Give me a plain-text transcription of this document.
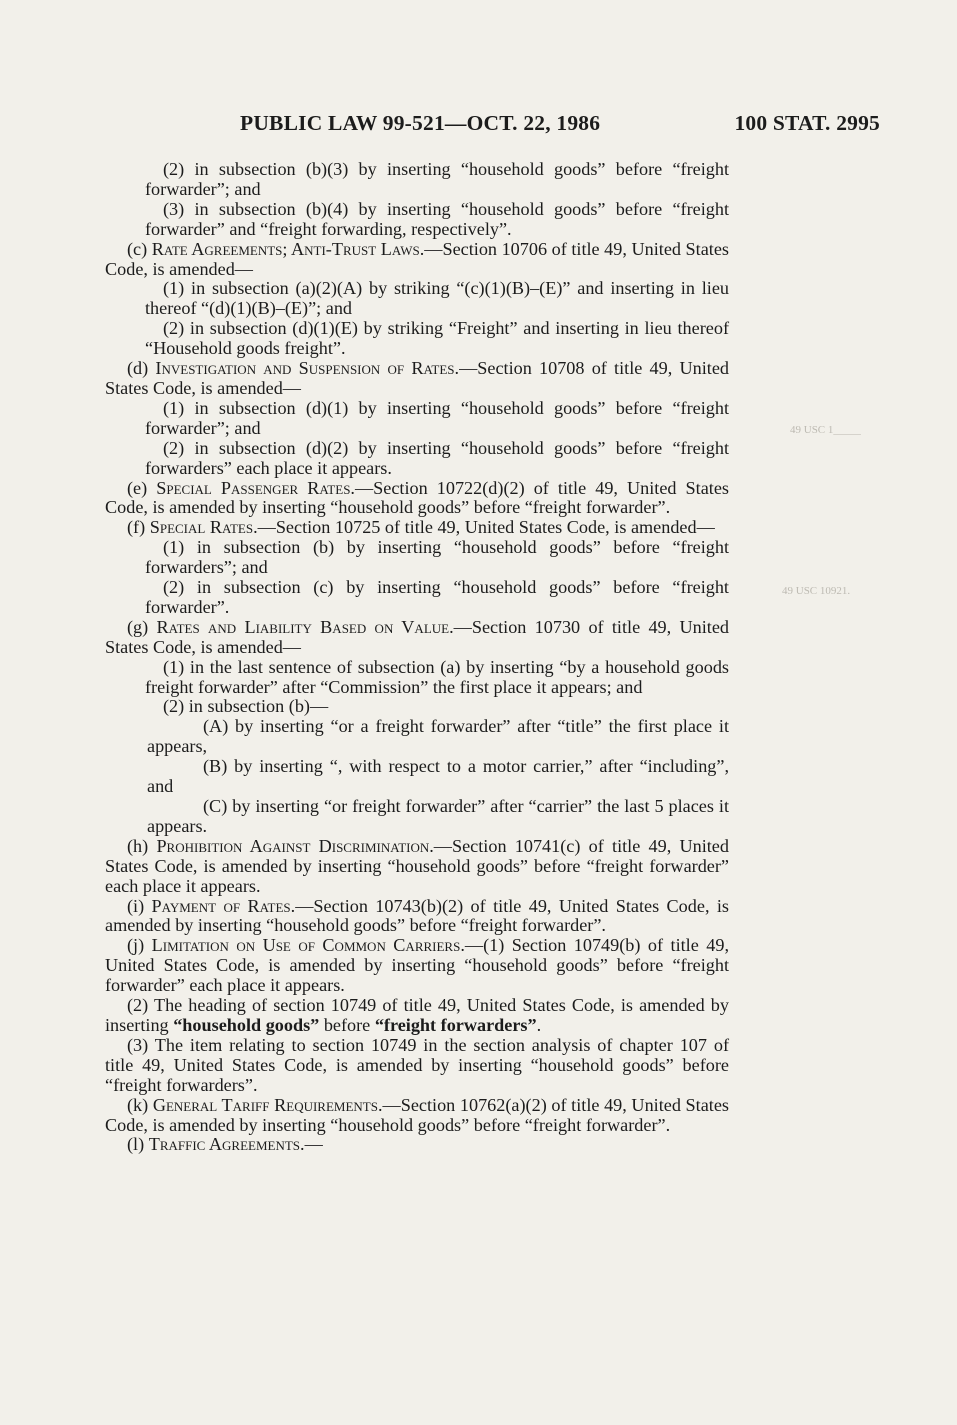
49 USC 1_____
49 USC 10921.
PUBLIC LAW 99-521—OCT. 22, 1986	100 STAT. 2995

(2) in subsection (b)(3) by inserting “household goods” before “freight forwarder”; and

(3) in subsection (b)(4) by inserting “household goods” before “freight forwarder” and “freight forwarding, respectively”.

(c) Rate Agreements; Anti-Trust Laws.—Section 10706 of title 49, United States Code, is amended—

(1) in subsection (a)(2)(A) by striking “(c)(1)(B)–(E)” and inserting in lieu thereof “(d)(1)(B)–(E)”; and

(2) in subsection (d)(1)(E) by striking “Freight” and inserting in lieu thereof “Household goods freight”.

(d) Investigation and Suspension of Rates.—Section 10708 of title 49, United States Code, is amended—

(1) in subsection (d)(1) by inserting “household goods” before “freight forwarder”; and

(2) in subsection (d)(2) by inserting “household goods” before “freight forwarders” each place it appears.

(e) Special Passenger Rates.—Section 10722(d)(2) of title 49, United States Code, is amended by inserting “household goods” before “freight forwarder”.

(f) Special Rates.—Section 10725 of title 49, United States Code, is amended—

(1) in subsection (b) by inserting “household goods” before “freight forwarders”; and

(2) in subsection (c) by inserting “household goods” before “freight forwarder”.

(g) Rates and Liability Based on Value.—Section 10730 of title 49, United States Code, is amended—

(1) in the last sentence of subsection (a) by inserting “by a household goods freight forwarder” after “Commission” the first place it appears; and

(2) in subsection (b)—

(A) by inserting “or a freight forwarder” after “title” the first place it appears,

(B) by inserting “, with respect to a motor carrier,” after “including”, and

(C) by inserting “or freight forwarder” after “carrier” the last 5 places it appears.

(h) Prohibition Against Discrimination.—Section 10741(c) of title 49, United States Code, is amended by inserting “household goods” before “freight forwarder” each place it appears.

(i) Payment of Rates.—Section 10743(b)(2) of title 49, United States Code, is amended by inserting “household goods” before “freight forwarder”.

(j) Limitation on Use of Common Carriers.—(1) Section 10749(b) of title 49, United States Code, is amended by inserting “household goods” before “freight forwarder” each place it appears.

(2) The heading of section 10749 of title 49, United States Code, is amended by inserting “household goods” before “freight forwarders”.

(3) The item relating to section 10749 in the section analysis of chapter 107 of title 49, United States Code, is amended by inserting “household goods” before “freight forwarders”.

(k) General Tariff Requirements.—Section 10762(a)(2) of title 49, United States Code, is amended by inserting “household goods” before “freight forwarder”.

(l) Traffic Agreements.—
